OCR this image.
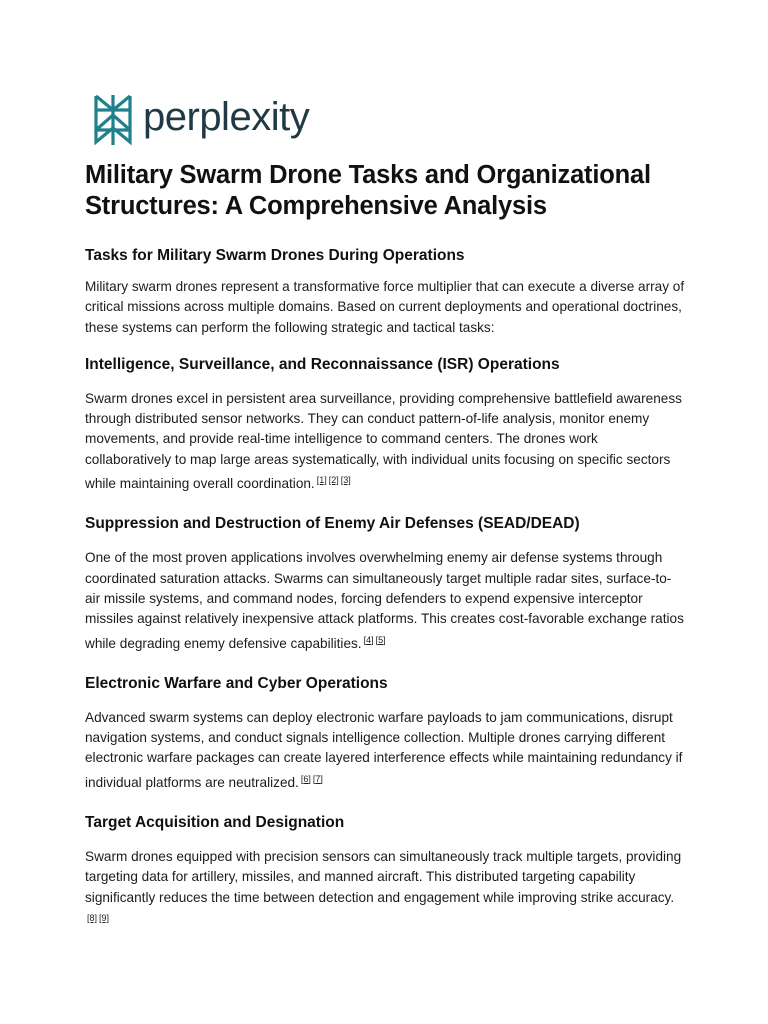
perplexity
Military Swarm Drone Tasks and Organizational Structures: A Comprehensive Analysis
Tasks for Military Swarm Drones During Operations

Military swarm drones represent a transformative force multiplier that can execute a diverse array of critical missions across multiple domains. Based on current deployments and operational doctrines, these systems can perform the following strategic and tactical tasks:

Intelligence, Surveillance, and Reconnaissance (ISR) Operations

Swarm drones excel in persistent area surveillance, providing comprehensive battlefield awareness through distributed sensor networks. They can conduct pattern-of-life analysis, monitor enemy movements, and provide real-time intelligence to command centers. The drones work collaboratively to map large areas systematically, with individual units focusing on specific sectors while maintaining overall coordination. [1] [2] [3]

Suppression and Destruction of Enemy Air Defenses (SEAD/DEAD)

One of the most proven applications involves overwhelming enemy air defense systems through coordinated saturation attacks. Swarms can simultaneously target multiple radar sites, surface-to-air missile systems, and command nodes, forcing defenders to expend expensive interceptor missiles against relatively inexpensive attack platforms. This creates cost-favorable exchange ratios while degrading enemy defensive capabilities. [4] [5]

Electronic Warfare and Cyber Operations

Advanced swarm systems can deploy electronic warfare payloads to jam communications, disrupt navigation systems, and conduct signals intelligence collection. Multiple drones carrying different electronic warfare packages can create layered interference effects while maintaining redundancy if individual platforms are neutralized. [6] [7]

Target Acquisition and Designation

Swarm drones equipped with precision sensors can simultaneously track multiple targets, providing targeting data for artillery, missiles, and manned aircraft. This distributed targeting capability significantly reduces the time between detection and engagement while improving strike accuracy.[8] [9]
